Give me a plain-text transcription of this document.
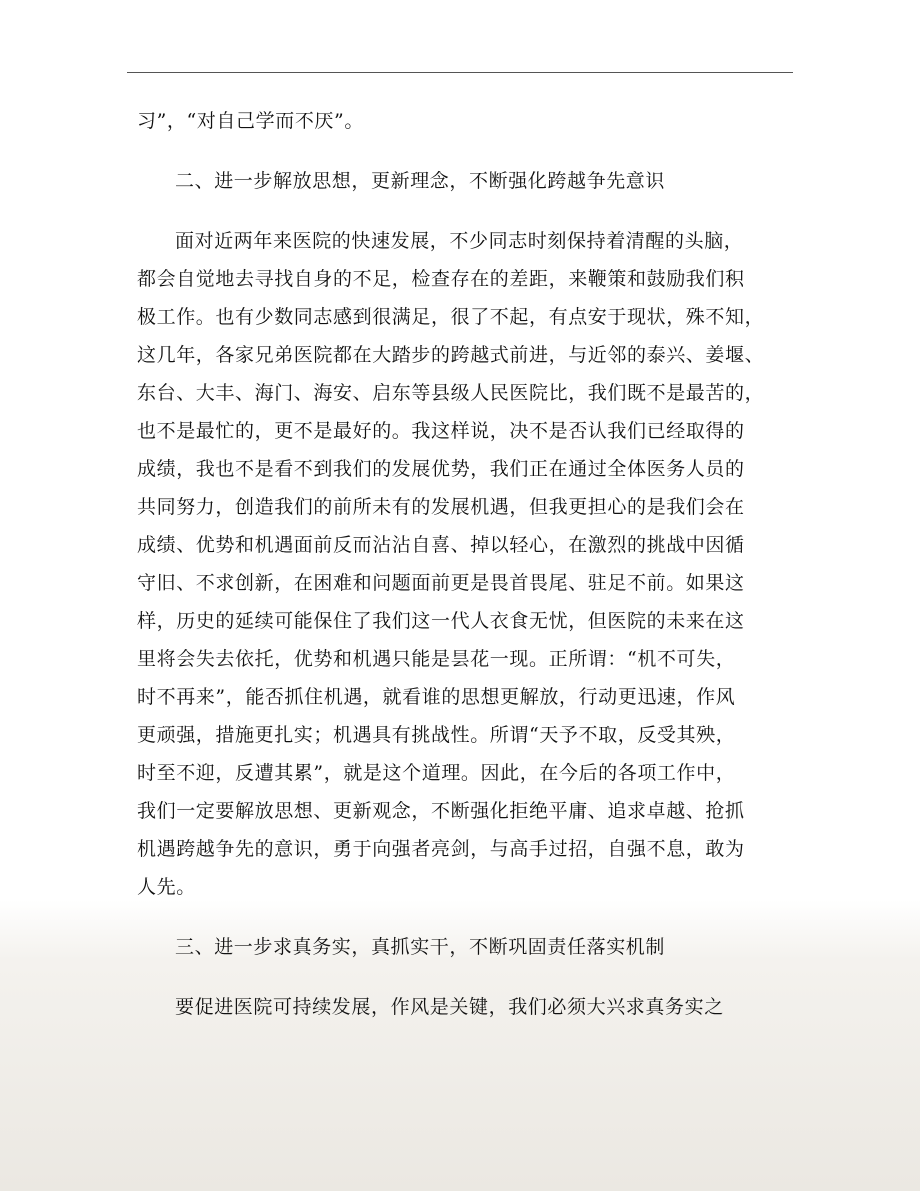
习”，“对自己学而不厌”。
二、进一步解放思想，更新理念，不断强化跨越争先意识
面对近两年来医院的快速发展，不少同志时刻保持着清醒的头脑，
都会自觉地去寻找自身的不足，检查存在的差距，来鞭策和鼓励我们积
极工作。也有少数同志感到很满足，很了不起，有点安于现状，殊不知，
这几年，各家兄弟医院都在大踏步的跨越式前进，与近邻的泰兴、姜堰、
东台、大丰、海门、海安、启东等县级人民医院比，我们既不是最苦的，
也不是最忙的，更不是最好的。我这样说，决不是否认我们已经取得的
成绩，我也不是看不到我们的发展优势，我们正在通过全体医务人员的
共同努力，创造我们的前所未有的发展机遇，但我更担心的是我们会在
成绩、优势和机遇面前反而沾沾自喜、掉以轻心，在激烈的挑战中因循
守旧、不求创新，在困难和问题面前更是畏首畏尾、驻足不前。如果这
样，历史的延续可能保住了我们这一代人衣食无忧，但医院的未来在这
里将会失去依托，优势和机遇只能是昙花一现。正所谓：“机不可失，
时不再来”，能否抓住机遇，就看谁的思想更解放，行动更迅速，作风
更顽强，措施更扎实；机遇具有挑战性。所谓“天予不取，反受其殃，
时至不迎，反遭其累”，就是这个道理。因此，在今后的各项工作中，
我们一定要解放思想、更新观念，不断强化拒绝平庸、追求卓越、抢抓
机遇跨越争先的意识，勇于向强者亮剑，与高手过招，自强不息，敢为
人先。
三、进一步求真务实，真抓实干，不断巩固责任落实机制
要促进医院可持续发展，作风是关键，我们必须大兴求真务实之
